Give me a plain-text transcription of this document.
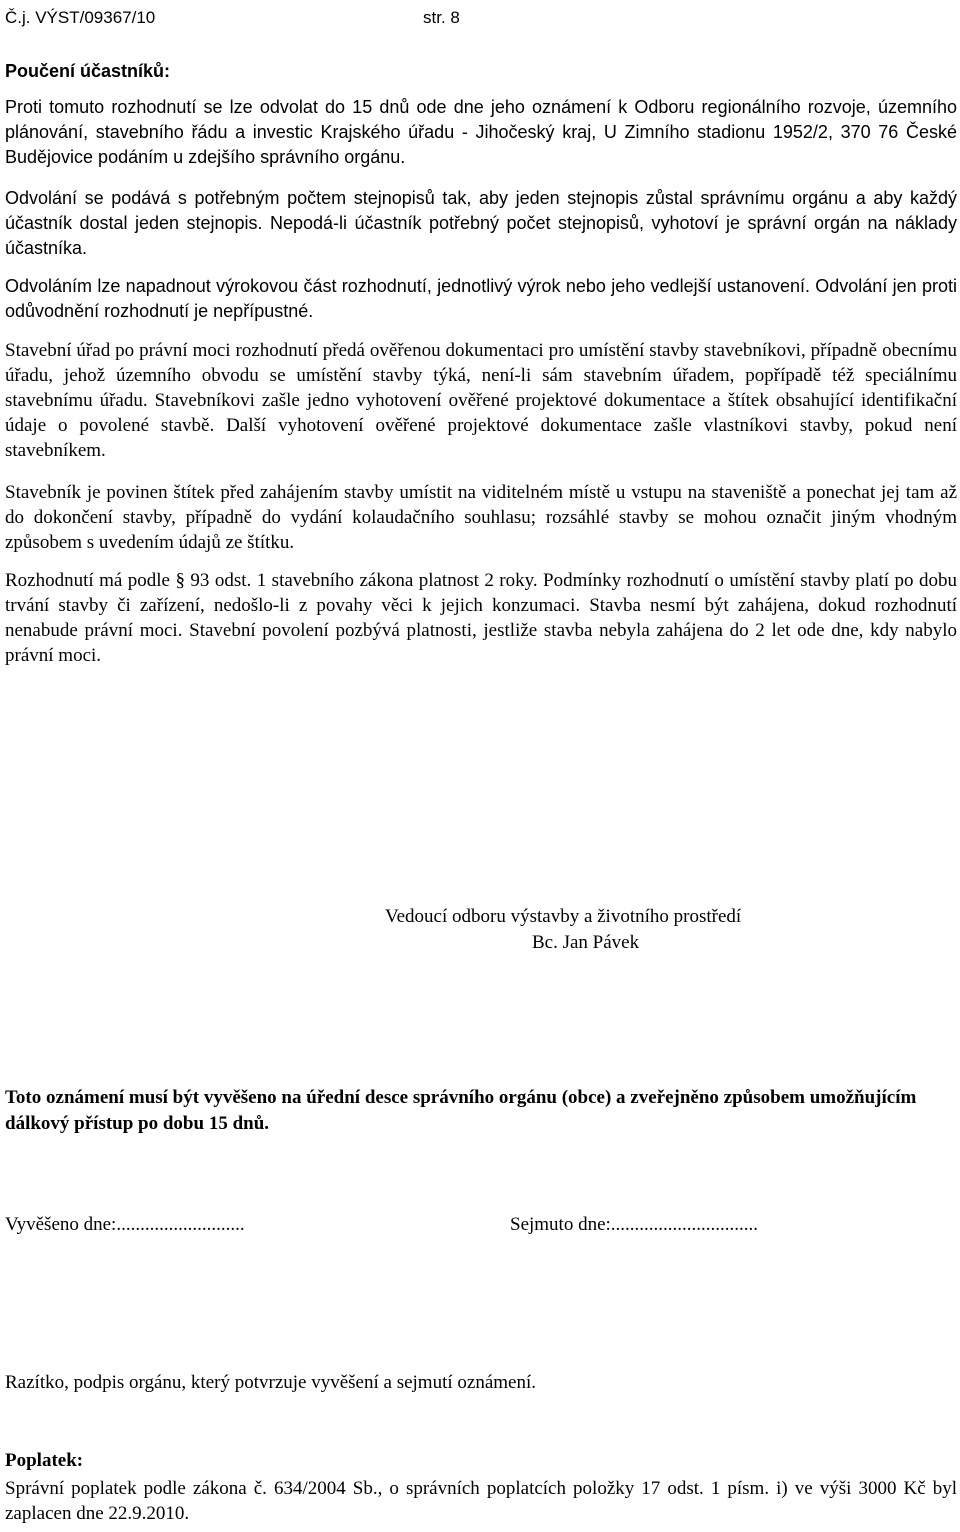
Č.j. VÝST/09367/10	str. 8
Poučení účastníků:
Proti tomuto rozhodnutí se lze odvolat do 15 dnů ode dne jeho oznámení k Odboru regionálního rozvoje, územního plánování, stavebního řádu a investic Krajského úřadu - Jihočeský kraj, U Zimního stadionu 1952/2, 370 76 České Budějovice podáním u zdejšího správního orgánu.
Odvolání se podává s potřebným počtem stejnopisů tak, aby jeden stejnopis zůstal správnímu orgánu a aby každý účastník dostal jeden stejnopis. Nepodá-li účastník potřebný počet stejnopisů, vyhotoví je správní orgán na náklady účastníka.
Odvoláním lze napadnout výrokovou část rozhodnutí, jednotlivý výrok nebo jeho vedlejší ustanovení. Odvolání jen proti odůvodnění rozhodnutí je nepřípustné.
Stavební úřad po právní moci rozhodnutí předá ověřenou dokumentaci pro umístění stavby stavebníkovi, případně obecnímu úřadu, jehož územního obvodu se umístění stavby týká, není-li sám stavebním úřadem, popřípadě též speciálnímu stavebnímu úřadu. Stavebníkovi zašle jedno vyhotovení ověřené projektové dokumentace a štítek obsahující identifikační údaje o povolené stavbě. Další vyhotovení ověřené projektové dokumentace zašle vlastníkovi stavby, pokud není stavebníkem.
Stavebník je povinen štítek před zahájením stavby umístit na viditelném místě u vstupu na staveniště a ponechat jej tam až do dokončení stavby, případně do vydání kolaudačního souhlasu; rozsáhlé stavby se mohou označit jiným vhodným způsobem s uvedením údajů ze štítku.
Rozhodnutí má podle § 93 odst. 1 stavebního zákona platnost 2 roky. Podmínky rozhodnutí o umístění stavby platí po dobu trvání stavby či zařízení, nedošlo-li z povahy věci k jejich konzumaci. Stavba nesmí být zahájena, dokud rozhodnutí nenabude právní moci. Stavební povolení pozbývá platnosti, jestliže stavba nebyla zahájena do 2 let ode dne, kdy nabylo právní moci.
Vedoucí odboru výstavby a životního prostředí
Bc. Jan Pávek
Toto oznámení musí být vyvěšeno na úřední desce správního orgánu (obce) a zveřejněno způsobem umožňujícím dálkový přístup po dobu 15 dnů.
Vyvěšeno dne:...........................	Sejmuto dne:...............................
Razítko, podpis orgánu, který potvrzuje vyvěšení a sejmutí oznámení.
Poplatek:
Správní poplatek podle zákona č. 634/2004 Sb., o správních poplatcích položky 17 odst. 1 písm. i) ve výši 3000 Kč byl zaplacen dne 22.9.2010.
